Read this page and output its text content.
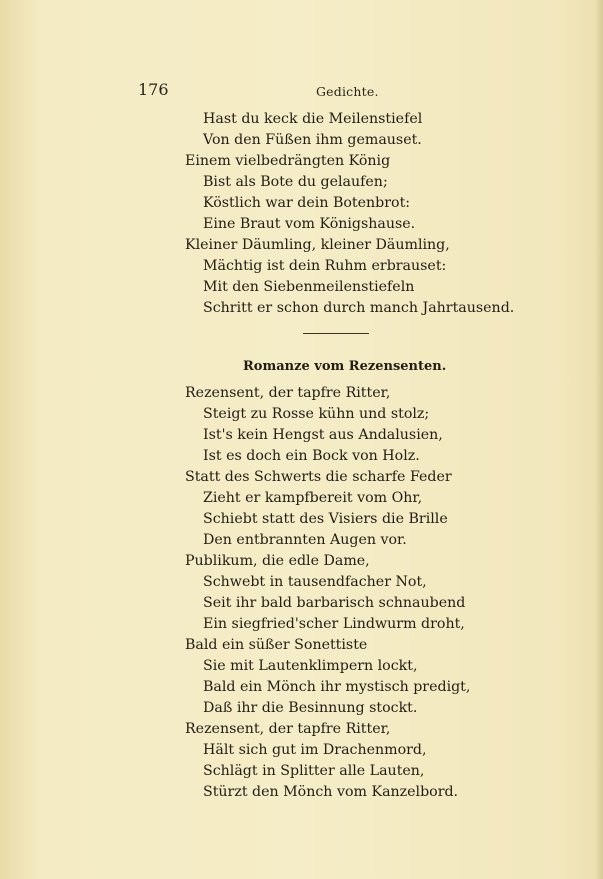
176	Gedichte.
Hast du keck die Meilenstiefel
Von den Füßen ihm gemauset.
Einem vielbedrängten König
Bist als Bote du gelaufen;
Köstlich war dein Botenbrot:
Eine Braut vom Königshause.
Kleiner Däumling, kleiner Däumling,
Mächtig ist dein Ruhm erbrauset:
Mit den Siebenmeilenstiefeln
Schritt er schon durch manch Jahrtausend.
Romanze vom Rezensenten.
Rezensent, der tapfre Ritter,
Steigt zu Rosse kühn und stolz;
Ist's kein Hengst aus Andalusien,
Ist es doch ein Bock von Holz.
Statt des Schwerts die scharfe Feder
Zieht er kampfbereit vom Ohr,
Schiebt statt des Visiers die Brille
Den entbrannten Augen vor.
Publikum, die edle Dame,
Schwebt in tausendfacher Not,
Seit ihr bald barbarisch schnaubend
Ein siegfried'scher Lindwurm droht,
Bald ein süßer Sonettiste
Sie mit Lautenklimpern lockt,
Bald ein Mönch ihr mystisch predigt,
Daß ihr die Besinnung stockt.
Rezensent, der tapfre Ritter,
Hält sich gut im Drachenmord,
Schlägt in Splitter alle Lauten,
Stürzt den Mönch vom Kanzelbord.
